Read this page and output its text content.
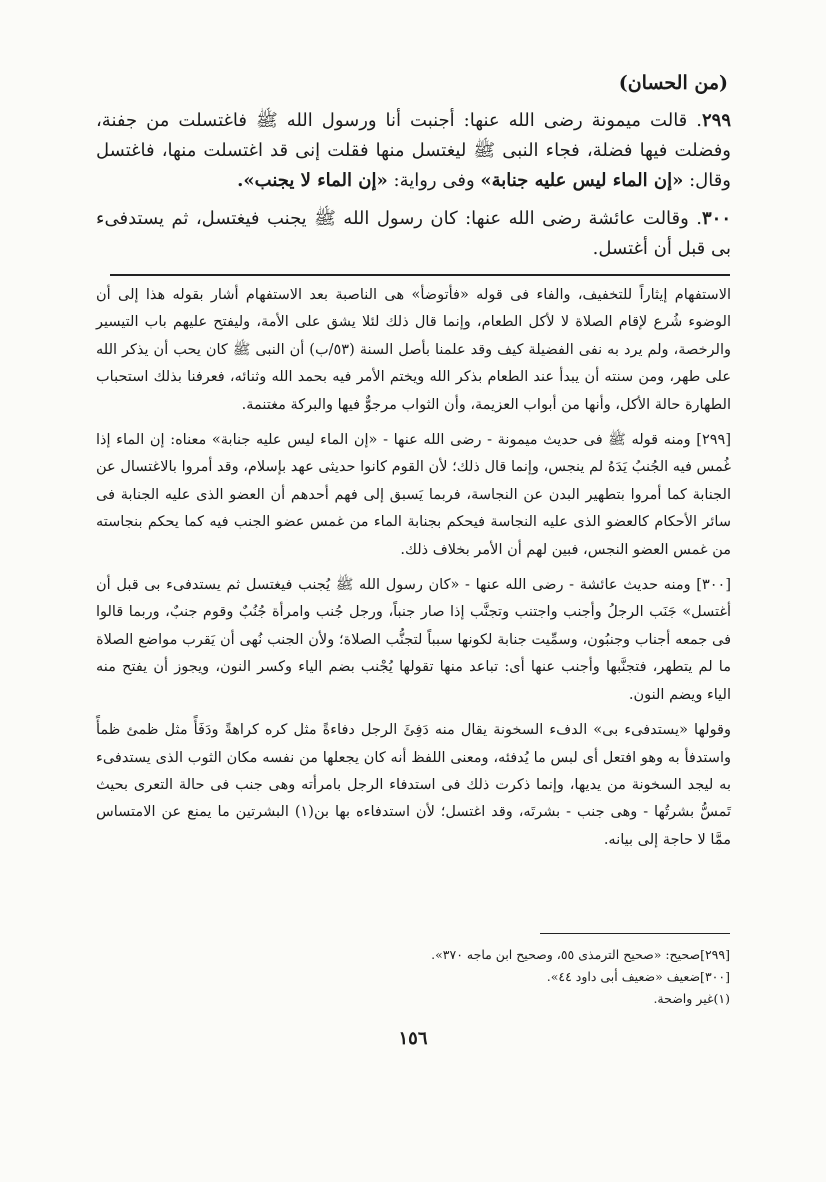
(من الحسان)

٢٩٩. قالت ميمونة رضى الله عنها: أجنبت أنا ورسول الله ﷺ فاغتسلت من جفنة، وفضلت فيها فضلة، فجاء النبى ﷺ ليغتسل منها فقلت إنى قد اغتسلت منها، فاغتسل وقال: «إن الماء ليس عليه جنابة» وفى رواية: «إن الماء لا يجنب».

٣٠٠. وقالت عائشة رضى الله عنها: كان رسول الله ﷺ يجنب فيغتسل، ثم يستدفىء بى قبل أن أغتسل.

الاستفهام إيثاراً للتخفيف، والفاء فى قوله «فأتوضأ» هى الناصبة بعد الاستفهام أشار بقوله هذا إلى أن الوضوء شُرع لإقام الصلاة لا لأكل الطعام، وإنما قال ذلك لئلا يشق على الأمة، وليفتح عليهم باب التيسير والرخصة، ولم يرد به نفى الفضيلة كيف وقد علمنا بأصل السنة (٥٣/ب) أن النبى ﷺ كان يحب أن يذكر الله على طهر، ومن سنته أن يبدأ عند الطعام بذكر الله ويختم الأمر فيه بحمد الله وثنائه، فعرفنا بذلك استحباب الطهارة حالة الأكل، وأنها من أبواب العزيمة، وأن الثواب مرجوٌّ فيها والبركة مغتنمة.

[٢٩٩] ومنه قوله ﷺ فى حديث ميمونة - رضى الله عنها - «إن الماء ليس عليه جنابة» معناه: إن الماء إذا غُمس فيه الجُنبُ يَدَهُ لم ينجس، وإنما قال ذلك؛ لأن القوم كانوا حديثى عهد بإسلام، وقد أمروا بالاغتسال عن الجنابة كما أمروا بتطهير البدن عن النجاسة، فربما يَسبق إلى فهم أحدهم أن العضو الذى عليه الجنابة فى سائر الأحكام كالعضو الذى عليه النجاسة فيحكم بجنابة الماء من غمس عضو الجنب فيه كما يحكم بنجاسته من غمس العضو النجس، فبين لهم أن الأمر بخلاف ذلك.

[٣٠٠] ومنه حديث عائشة - رضى الله عنها - «كان رسول الله ﷺ يُجنب فيغتسل ثم يستدفىء بى قبل أن أغتسل» جَنَب الرجلُ وأجنب واجتنب وتجنَّب إذا صار جنباً، ورجل جُنب وامرأة جُنُبٌ وقوم جنبٌ، وربما قالوا فى جمعه أجناب وجنبُون، وسمِّيت جنابة لكونها سبباً لتجنُّب الصلاة؛ ولأن الجنب نُهى أن يَقرب مواضع الصلاة ما لم يتطهر، فتجنَّبها وأجنب عنها أى: تباعد منها تقولها يُجْنب بضم الياء وكسر النون، ويجوز أن يفتح منه الياء ويضم النون.

وقولها «يستدفىء بى» الدفء السخونة يقال منه دَفِئَ الرجل دفاءةً مثل كره كراهةً ودَفَأً مثل ظمئ ظمأً واستدفأ به وهو افتعل أى لبس ما يُدفئه، ومعنى اللفظ أنه كان يجعلها من نفسه مكان الثوب الذى يستدفىء به ليجد السخونة من يديها، وإنما ذكرت ذلك فى استدفاء الرجل بامرأته وهى جنب فى حالة التعرى بحيث تَمسُّ بشرتُها - وهى جنب - بشرتَه، وقد اغتسل؛ لأن استدفاءه بها بن(١) البشرتين ما يمنع عن الامتساس ممَّا لا حاجة إلى بيانه.

[٢٩٩]صحيح: «صحيح الترمذى ٥٥، وصحيح ابن ماجه ٣٧٠».
[٣٠٠]ضعيف «ضعيف أبى داود ٤٤».
(١)غير واضحة.
١٥٦
